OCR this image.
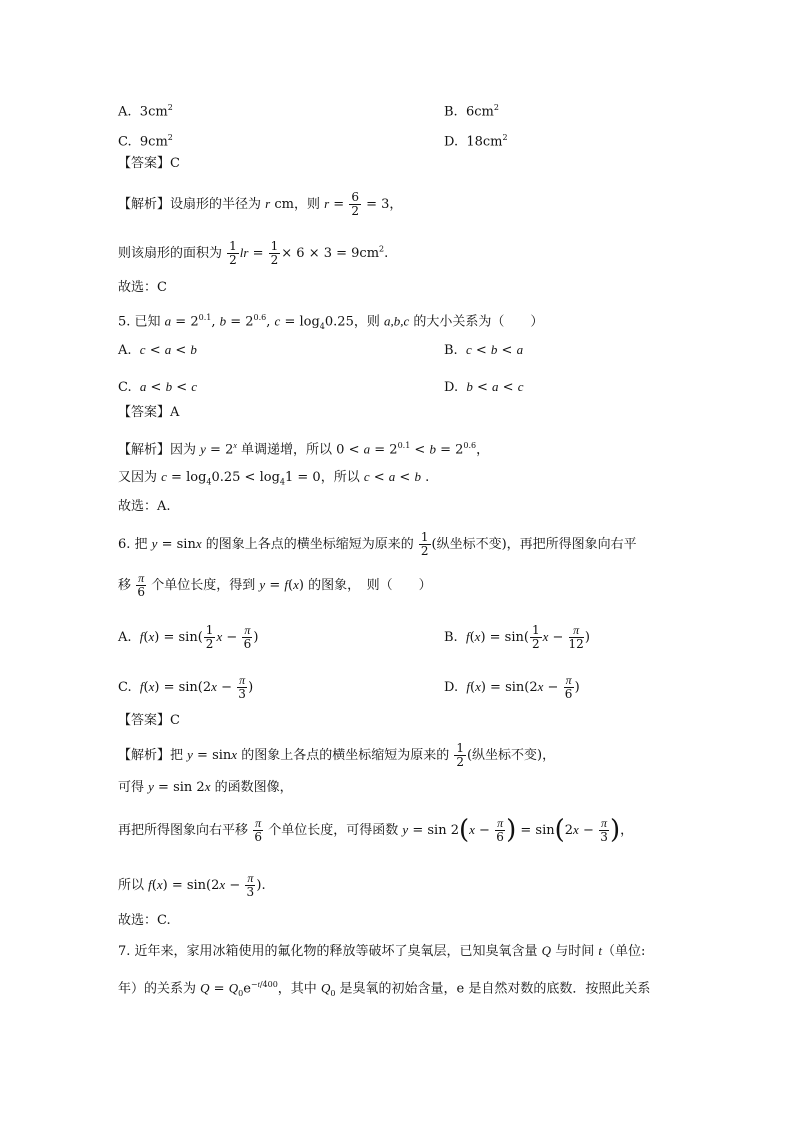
A.  $3cm^2$	B.  $6cm^2$
C.  $9cm^2$	D.  $18cm^2$
【答案】C
【解析】设扇形的半径为 r cm，则 $r = \frac{6}{2} = 3$，
则该扇形的面积为 $\frac{1}{2}$ lr = $\frac{1}{2} \times 6 \times 3 = 9cm^2$.
故选：C
5. 已知 $a = 2^{0.1}$, $b = 2^{0.6}$, $c = \log_40.25$，则 a,b,c 的大小关系为（　　）
A. c < a < b	B. c < b < a
C. a < b < c	D. b < a < c
【答案】A
【解析】因为 $y = 2^x$ 单调递增，所以 $0 < a = 2^{0.1} < b = 2^{0.6}$，
又因为 $c = \log_40.25 < \log_41 = 0$，所以 c < a < b .
故选：A.
6. 把 y = sinx 的图象上各点的横坐标缩短为原来的 $\frac{1}{2}$ (纵坐标不变)，再把所得图象向右平
移 $\frac{\pi}{6}$ 个单位长度，得到 y = f(x) 的图象，　则（　　）
A. $f(x) = \sin( \frac{1}{2}$ $x - \frac{\pi}{6}$ )	B. $f(x) = \sin( \frac{1}{2}$ $x - \frac{\pi}{12}$ )
C. $f(x) = \sin(2x - \frac{\pi}{3}$ )	D. $f(x) = \sin(2x - \frac{\pi}{6}$ )
【答案】C
【解析】把 y = sinx 的图象上各点的横坐标缩短为原来的 $\frac{1}{2}$ (纵坐标不变)，
可得 y = sin 2x 的函数图像，
再把所得图象向右平移 $\frac{\pi}{6}$ 个单位长度，可得函数 $y = \sin 2(x - \frac{\pi}{6}$ ) = $\sin(2x - \frac{\pi}{3}$ )，
所以 $f(x) = \sin(2x - \frac{\pi}{3}$ ).
故选：C.
7. 近年来，家用冰箱使用的氟化物的释放等破坏了臭氧层，已知臭氧含量 Q 与时间 t（单位:
年）的关系为 $Q = Q_0e^{-t/400}$，其中 $Q_0$ 是臭氧的初始含量，e 是自然对数的底数．按照此关系
